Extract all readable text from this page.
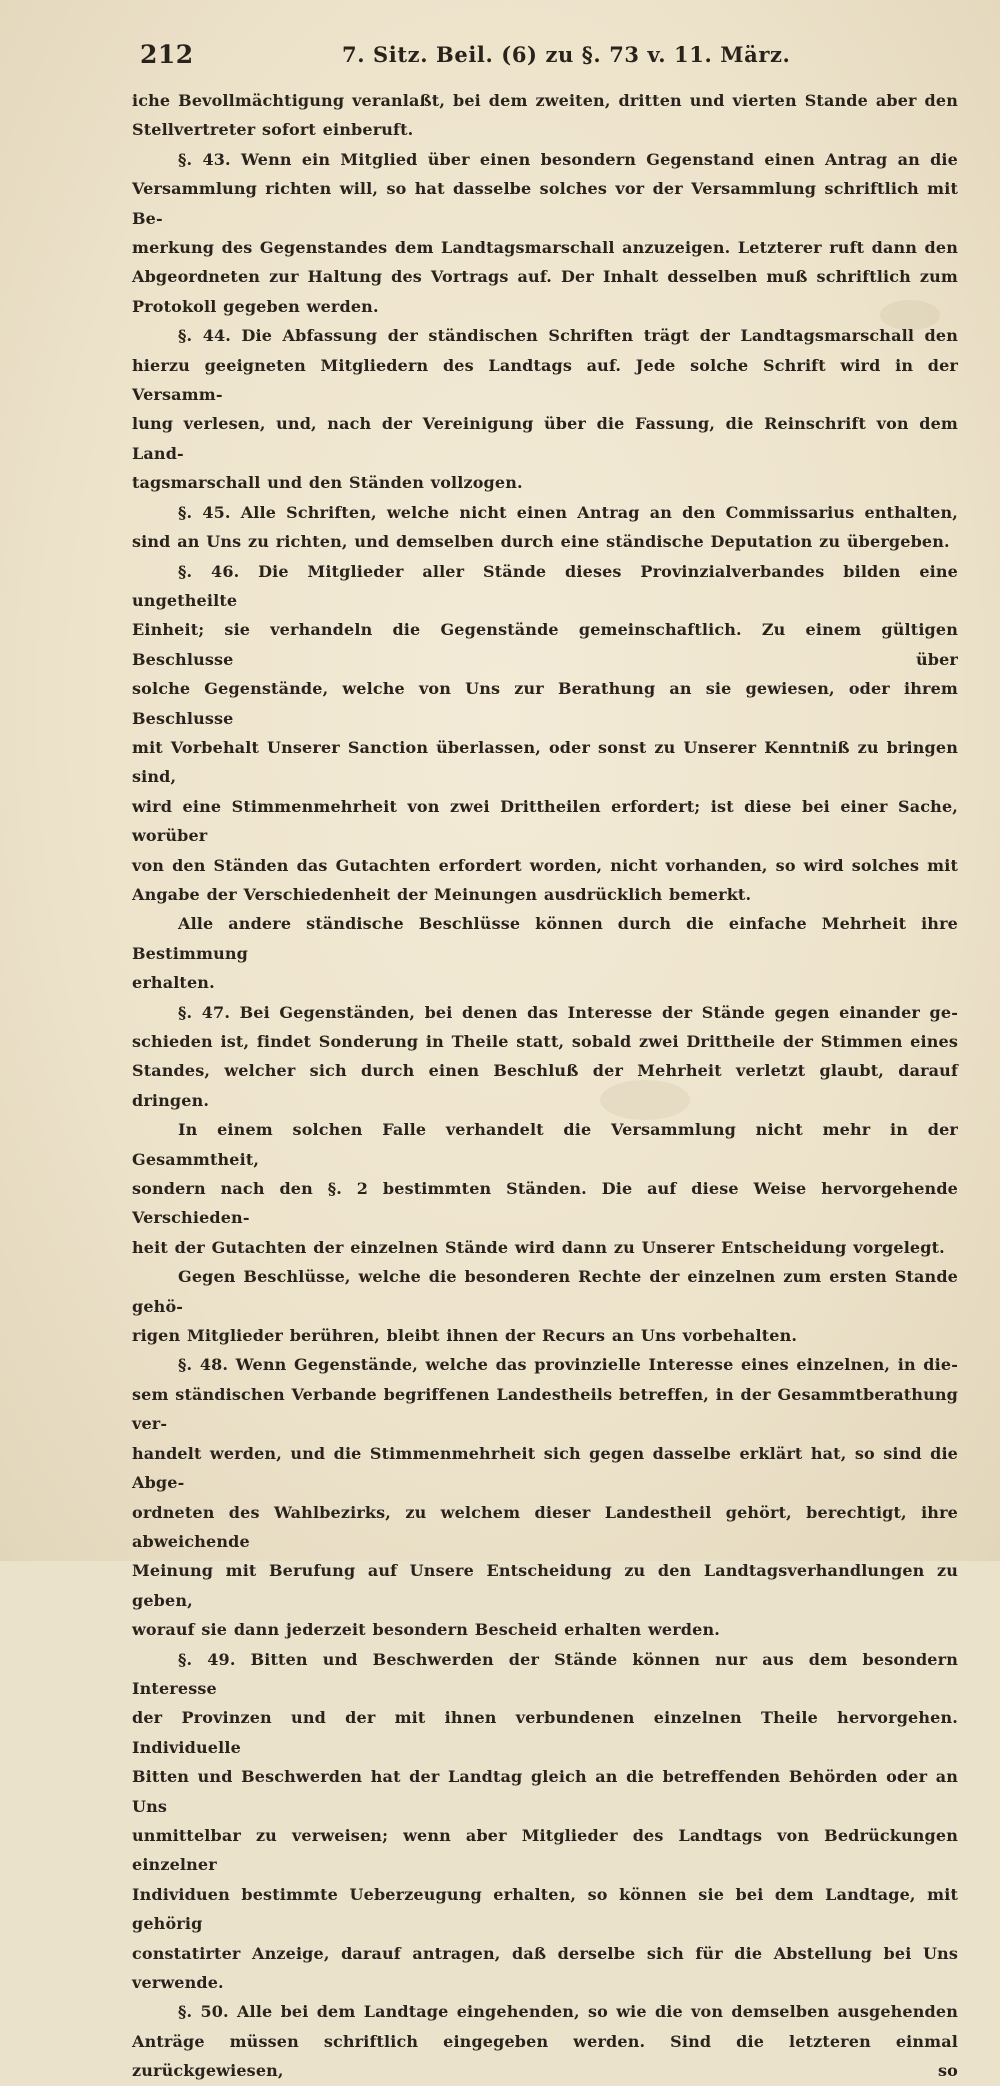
212	7. Sitz. Beil. (6) zu §. 73 v. 11. März.
iche Bevollmächtigung veranlaßt, bei dem zweiten, dritten und vierten Stande aber den
Stellvertreter sofort einberuft.
§. 43. Wenn ein Mitglied über einen besondern Gegenstand einen Antrag an die
Versammlung richten will, so hat dasselbe solches vor der Versammlung schriftlich mit Be-
merkung des Gegenstandes dem Landtagsmarschall anzuzeigen. Letzterer ruft dann den
Abgeordneten zur Haltung des Vortrags auf. Der Inhalt desselben muß schriftlich zum
Protokoll gegeben werden.
§. 44. Die Abfassung der ständischen Schriften trägt der Landtagsmarschall den
hierzu geeigneten Mitgliedern des Landtags auf. Jede solche Schrift wird in der Versamm-
lung verlesen, und, nach der Vereinigung über die Fassung, die Reinschrift von dem Land-
tagsmarschall und den Ständen vollzogen.
§. 45. Alle Schriften, welche nicht einen Antrag an den Commissarius enthalten,
sind an Uns zu richten, und demselben durch eine ständische Deputation zu übergeben.
§. 46. Die Mitglieder aller Stände dieses Provinzialverbandes bilden eine ungetheilte
Einheit; sie verhandeln die Gegenstände gemeinschaftlich. Zu einem gültigen Beschlusse über
solche Gegenstände, welche von Uns zur Berathung an sie gewiesen, oder ihrem Beschlusse
mit Vorbehalt Unserer Sanction überlassen, oder sonst zu Unserer Kenntniß zu bringen sind,
wird eine Stimmenmehrheit von zwei Drittheilen erfordert; ist diese bei einer Sache, worüber
von den Ständen das Gutachten erfordert worden, nicht vorhanden, so wird solches mit
Angabe der Verschiedenheit der Meinungen ausdrücklich bemerkt.
Alle andere ständische Beschlüsse können durch die einfache Mehrheit ihre Bestimmung
erhalten.
§. 47. Bei Gegenständen, bei denen das Interesse der Stände gegen einander ge-
schieden ist, findet Sonderung in Theile statt, sobald zwei Drittheile der Stimmen eines
Standes, welcher sich durch einen Beschluß der Mehrheit verletzt glaubt, darauf dringen.
In einem solchen Falle verhandelt die Versammlung nicht mehr in der Gesammtheit,
sondern nach den §. 2 bestimmten Ständen. Die auf diese Weise hervorgehende Verschieden-
heit der Gutachten der einzelnen Stände wird dann zu Unserer Entscheidung vorgelegt.
Gegen Beschlüsse, welche die besonderen Rechte der einzelnen zum ersten Stande gehö-
rigen Mitglieder berühren, bleibt ihnen der Recurs an Uns vorbehalten.
§. 48. Wenn Gegenstände, welche das provinzielle Interesse eines einzelnen, in die-
sem ständischen Verbande begriffenen Landestheils betreffen, in der Gesammtberathung ver-
handelt werden, und die Stimmenmehrheit sich gegen dasselbe erklärt hat, so sind die Abge-
ordneten des Wahlbezirks, zu welchem dieser Landestheil gehört, berechtigt, ihre abweichende
Meinung mit Berufung auf Unsere Entscheidung zu den Landtagsverhandlungen zu geben,
worauf sie dann jederzeit besondern Bescheid erhalten werden.
§. 49. Bitten und Beschwerden der Stände können nur aus dem besondern Interesse
der Provinzen und der mit ihnen verbundenen einzelnen Theile hervorgehen. Individuelle
Bitten und Beschwerden hat der Landtag gleich an die betreffenden Behörden oder an Uns
unmittelbar zu verweisen; wenn aber Mitglieder des Landtags von Bedrückungen einzelner
Individuen bestimmte Ueberzeugung erhalten, so können sie bei dem Landtage, mit gehörig
constatirter Anzeige, darauf antragen, daß derselbe sich für die Abstellung bei Uns verwende.
§. 50. Alle bei dem Landtage eingehenden, so wie die von demselben ausgehenden
Anträge müssen schriftlich eingegeben werden. Sind die letzteren einmal zurückgewiesen, so
